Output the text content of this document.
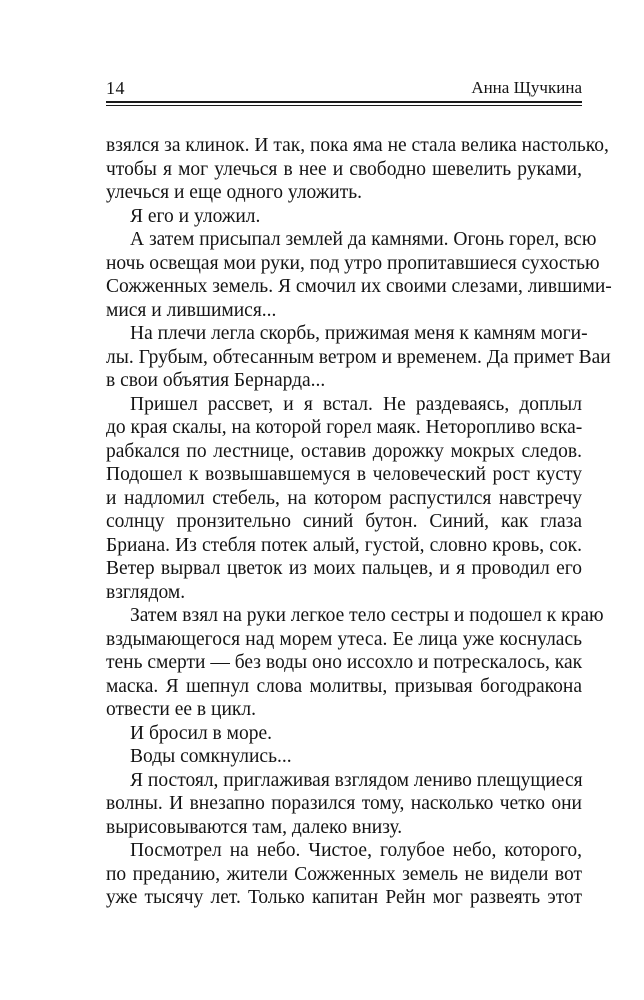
14	Анна Щучкина
взялся за клинок. И так, пока яма не стала велика настолько,
чтобы я мог улечься в нее и свободно шевелить руками,
улечься и еще одного уложить.
Я его и уложил.
А затем присыпал землей да камнями. Огонь горел, всю
ночь освещая мои руки, под утро пропитавшиеся сухостью
Сожженных земель. Я смочил их своими слезами, лившими-
мися и лившимися...
На плечи легла скорбь, прижимая меня к камням моги-
лы. Грубым, обтесанным ветром и временем. Да примет Ваи
в свои объятия Бернарда...
Пришел рассвет, и я встал. Не раздеваясь, доплыл
до края скалы, на которой горел маяк. Неторопливо вска-
рабкался по лестнице, оставив дорожку мокрых следов.
Подошел к возвышавшемуся в человеческий рост кусту
и надломил стебель, на котором распустился навстречу
солнцу пронзительно синий бутон. Синий, как глаза
Бриана. Из стебля потек алый, густой, словно кровь, сок.
Ветер вырвал цветок из моих пальцев, и я проводил его
взглядом.
Затем взял на руки легкое тело сестры и подошел к краю
вздымающегося над морем утеса. Ее лица уже коснулась
тень смерти — без воды оно иссохло и потрескалось, как
маска. Я шепнул слова молитвы, призывая богодракона
отвести ее в цикл.
И бросил в море.
Воды сомкнулись...
Я постоял, приглаживая взглядом лениво плещущиеся
волны. И внезапно поразился тому, насколько четко они
вырисовываются там, далеко внизу.
Посмотрел на небо. Чистое, голубое небо, которого,
по преданию, жители Сожженных земель не видели вот
уже тысячу лет. Только капитан Рейн мог развеять этот
